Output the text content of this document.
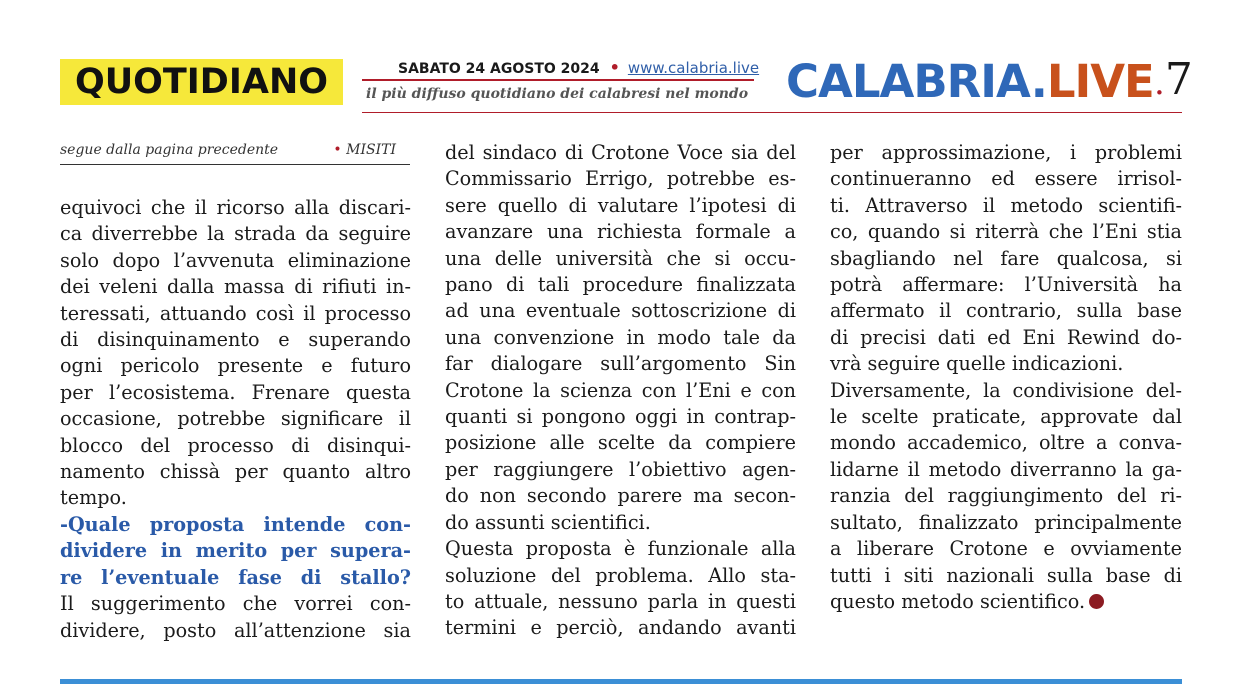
QUOTIDIANO	SABATO 24 AGOSTO 2024 • www.calabria.live
il più diffuso quotidiano dei calabresi nel mondo CALABRIA.LIVE .7
segue dalla pagina precedente	• MISITI
equivoci che il ricorso alla discari-
ca diverrebbe la strada da seguire
solo dopo l’avvenuta eliminazione
dei veleni dalla massa di rifiuti in-
teressati, attuando così il processo
di disinquinamento e superando
ogni pericolo presente e futuro
per l’ecosistema. Frenare questa
occasione, potrebbe significare il
blocco del processo di disinqui-
namento chissà per quanto altro
tempo.
-Quale proposta intende con-
dividere in merito per supera-
re l’eventuale fase di stallo?
Il suggerimento che vorrei con-
dividere, posto all’attenzione sia
del sindaco di Crotone Voce sia del
Commissario Errigo, potrebbe es-
sere quello di valutare l’ipotesi di
avanzare una richiesta formale a
una delle università che si occu-
pano di tali procedure finalizzata
ad una eventuale sottoscrizione di
una convenzione in modo tale da
far dialogare sull’argomento Sin
Crotone la scienza con l’Eni e con
quanti si pongono oggi in contrap-
posizione alle scelte da compiere
per raggiungere l’obiettivo agen-
do non secondo parere ma secon-
do assunti scientifici.
Questa proposta è funzionale alla
soluzione del problema. Allo sta-
to attuale, nessuno parla in questi
termini e perciò, andando avanti
per approssimazione, i problemi
continueranno ed essere irrisol-
ti. Attraverso il metodo scientifi-
co, quando si riterrà che l’Eni stia
sbagliando nel fare qualcosa, si
potrà affermare: l’Università ha
affermato il contrario, sulla base
di precisi dati ed Eni Rewind do-
vrà seguire quelle indicazioni.
Diversamente, la condivisione del-
le scelte praticate, approvate dal
mondo accademico, oltre a conva-
lidarne il metodo diverranno la ga-
ranzia del raggiungimento del ri-
sultato, finalizzato principalmente
a liberare Crotone e ovviamente
tutti i siti nazionali sulla base di
questo metodo scientifico.
